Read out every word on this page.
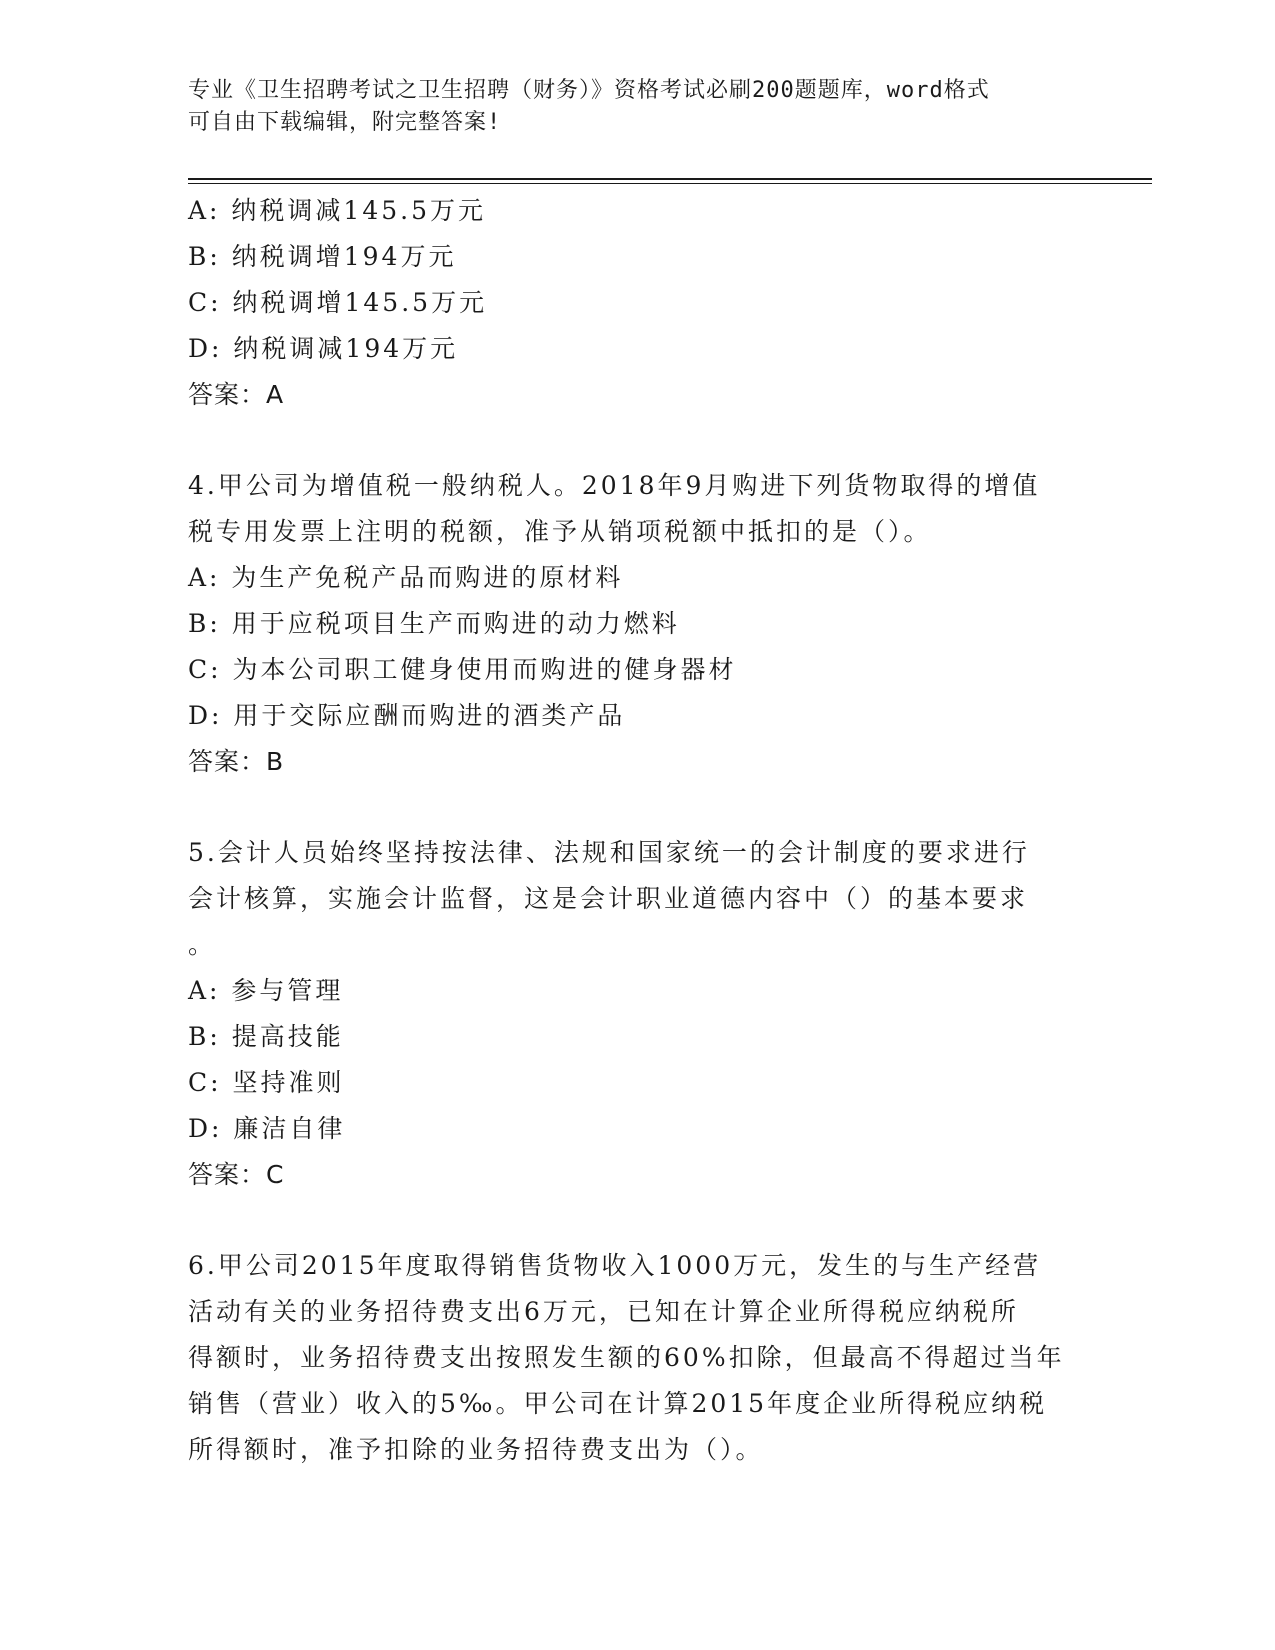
专业《卫生招聘考试之卫生招聘（财务）》资格考试必刷200题题库，word格式
可自由下载编辑，附完整答案!
A: 纳税调减145.5万元
B: 纳税调增194万元
C: 纳税调增145.5万元
D: 纳税调减194万元
答案：A
4.甲公司为增值税一般纳税人。2018年9月购进下列货物取得的增值
税专用发票上注明的税额，准予从销项税额中抵扣的是（）。
A: 为生产免税产品而购进的原材料
B: 用于应税项目生产而购进的动力燃料
C: 为本公司职工健身使用而购进的健身器材
D: 用于交际应酬而购进的酒类产品
答案：B
5.会计人员始终坚持按法律、法规和国家统一的会计制度的要求进行
会计核算，实施会计监督，这是会计职业道德内容中（）的基本要求
。
A: 参与管理
B: 提高技能
C: 坚持准则
D: 廉洁自律
答案：C
6.甲公司2015年度取得销售货物收入1000万元，发生的与生产经营
活动有关的业务招待费支出6万元，已知在计算企业所得税应纳税所
得额时，业务招待费支出按照发生额的60%扣除，但最高不得超过当年
销售（营业）收入的5‰。甲公司在计算2015年度企业所得税应纳税
所得额时，准予扣除的业务招待费支出为（）。
